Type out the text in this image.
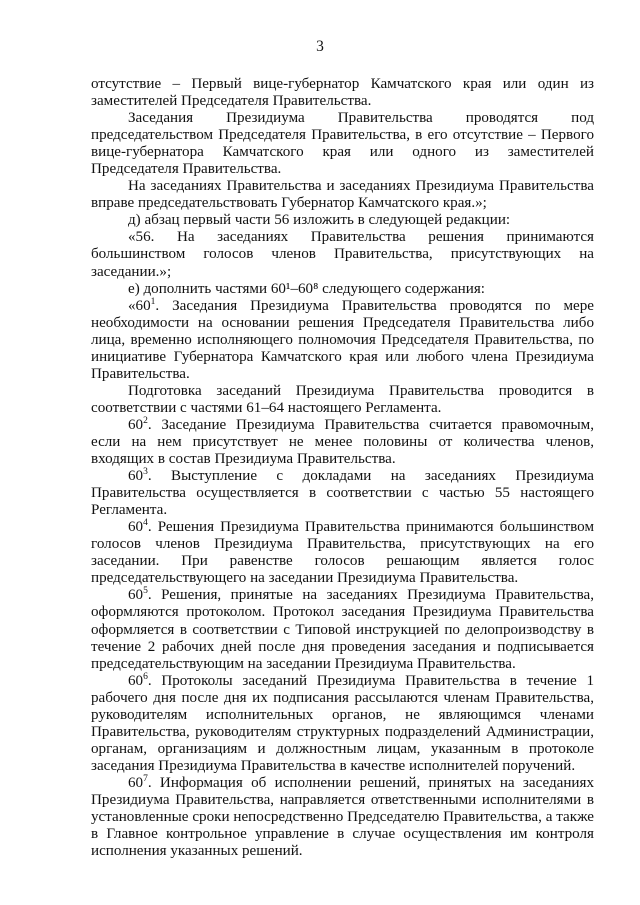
3

отсутствие – Первый вице-губернатор Камчатского края или один из заместителей Председателя Правительства.

Заседания Президиума Правительства проводятся под председательством Председателя Правительства, в его отсутствие – Первого вице-губернатора Камчатского края или одного из заместителей Председателя Правительства.

На заседаниях Правительства и заседаниях Президиума Правительства вправе председательствовать Губернатор Камчатского края.»;

д) абзац первый части 56 изложить в следующей редакции:

«56. На заседаниях Правительства решения принимаются большинством голосов членов Правительства, присутствующих на заседании.»;

е) дополнить частями 60¹–60⁸ следующего содержания:

«$60^1$. Заседания Президиума Правительства проводятся по мере необходимости на основании решения Председателя Правительства либо лица, временно исполняющего полномочия Председателя Правительства, по инициативе Губернатора Камчатского края или любого члена Президиума Правительства.

Подготовка заседаний Президиума Правительства проводится в соответствии с частями 61–64 настоящего Регламента.

$60^2$. Заседание Президиума Правительства считается правомочным, если на нем присутствует не менее половины от количества членов, входящих в состав Президиума Правительства.

$60^3$. Выступление с докладами на заседаниях Президиума Правительства осуществляется в соответствии с частью 55 настоящего Регламента.

$60^4$. Решения Президиума Правительства принимаются большинством голосов членов Президиума Правительства, присутствующих на его заседании. При равенстве голосов решающим является голос председательствующего на заседании Президиума Правительства.

$60^5$. Решения, принятые на заседаниях Президиума Правительства, оформляются протоколом. Протокол заседания Президиума Правительства оформляется в соответствии с Типовой инструкцией по делопроизводству в течение 2 рабочих дней после дня проведения заседания и подписывается председательствующим на заседании Президиума Правительства.

$60^6$. Протоколы заседаний Президиума Правительства в течение 1 рабочего дня после дня их подписания рассылаются членам Правительства, руководителям исполнительных органов, не являющимся членами Правительства, руководителям структурных подразделений Администрации, органам, организациям и должностным лицам, указанным в протоколе заседания Президиума Правительства в качестве исполнителей поручений.

$60^7$. Информация об исполнении решений, принятых на заседаниях Президиума Правительства, направляется ответственными исполнителями в установленные сроки непосредственно Председателю Правительства, а также в Главное контрольное управление в случае осуществления им контроля исполнения указанных решений.
